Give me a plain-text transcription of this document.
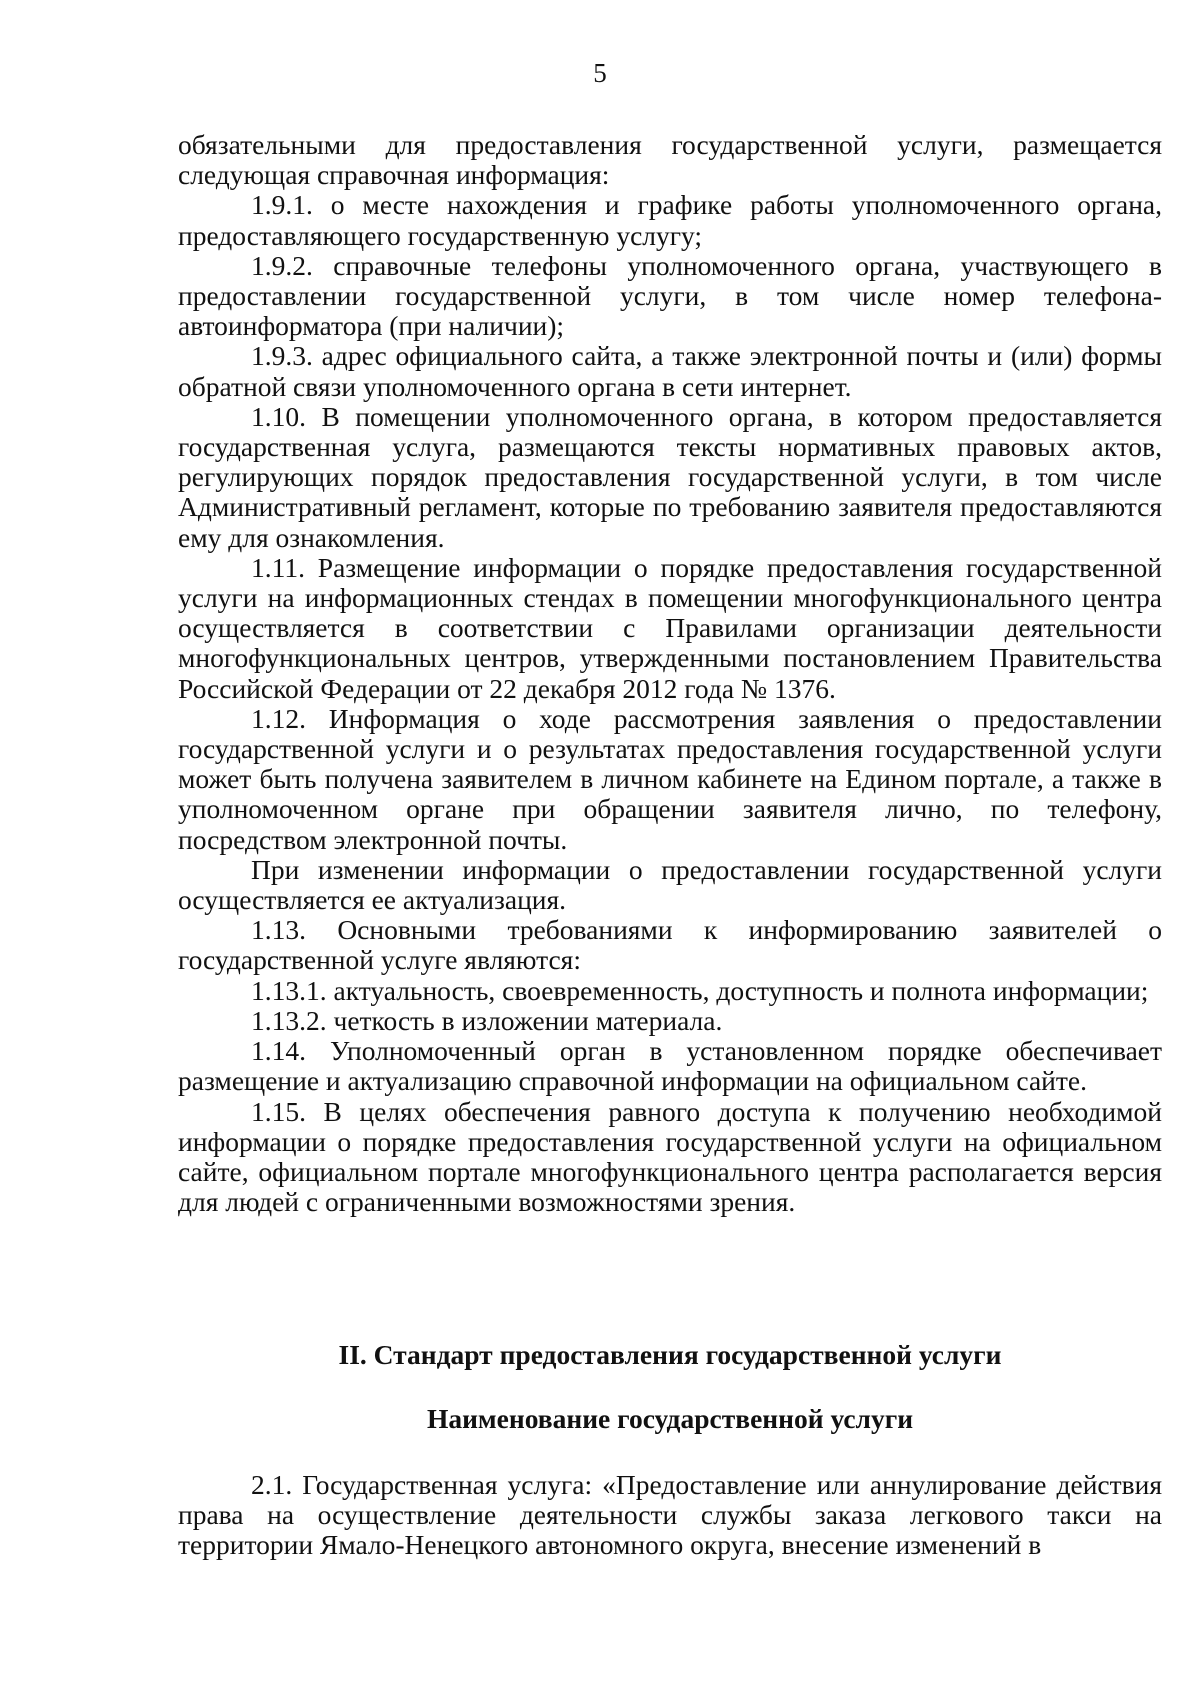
5

обязательными для предоставления государственной услуги, размещается следующая справочная информация:

1.9.1. о месте нахождения и графике работы уполномоченного органа, предоставляющего государственную услугу;

1.9.2. справочные телефоны уполномоченного органа, участвующего в предоставлении государственной услуги, в том числе номер телефона-автоинформатора (при наличии);

1.9.3. адрес официального сайта, а также электронной почты и (или) формы обратной связи уполномоченного органа в сети интернет.

1.10. В помещении уполномоченного органа, в котором предоставляется государственная услуга, размещаются тексты нормативных правовых актов, регулирующих порядок предоставления государственной услуги, в том числе Административный регламент, которые по требованию заявителя предоставляются ему для ознакомления.

1.11. Размещение информации о порядке предоставления государственной услуги на информационных стендах в помещении многофункционального центра осуществляется в соответствии с Правилами организации деятельности многофункциональных центров, утвержденными постановлением Правительства Российской Федерации от 22 декабря 2012 года № 1376.

1.12. Информация о ходе рассмотрения заявления о предоставлении государственной услуги и о результатах предоставления государственной услуги может быть получена заявителем в личном кабинете на Едином портале, а также в уполномоченном органе при обращении заявителя лично, по телефону, посредством электронной почты.

При изменении информации о предоставлении государственной услуги осуществляется ее актуализация.

1.13. Основными требованиями к информированию заявителей о государственной услуге являются:

1.13.1. актуальность, своевременность, доступность и полнота информации;

1.13.2. четкость в изложении материала.

1.14. Уполномоченный орган в установленном порядке обеспечивает размещение и актуализацию справочной информации на официальном сайте.

1.15. В целях обеспечения равного доступа к получению необходимой информации о порядке предоставления государственной услуги на официальном сайте, официальном портале многофункционального центра располагается версия для людей с ограниченными возможностями зрения.

II. Стандарт предоставления государственной услуги
Наименование государственной услуги

2.1. Государственная услуга: «Предоставление или аннулирование действия права на осуществление деятельности службы заказа легкового такси на территории Ямало-Ненецкого автономного округа, внесение изменений в
